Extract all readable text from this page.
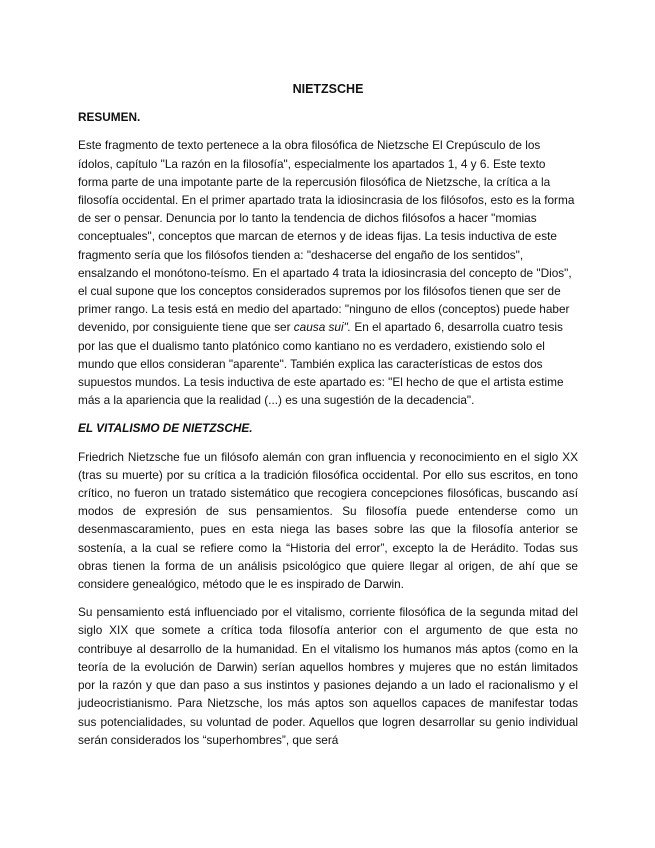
NIETZSCHE
RESUMEN.

Este fragmento de texto pertenece a la obra filosófica de Nietzsche El Crepúsculo de los ídolos, capítulo "La razón en la filosofía", especialmente los apartados 1, 4 y 6. Este texto forma parte de una impotante parte de la repercusión filosófica de Nietzsche, la crítica a la filosofía occidental. En el primer apartado trata la idiosincrasia de los filósofos, esto es la forma de ser o pensar. Denuncia por lo tanto la tendencia de dichos filósofos a hacer "momias conceptuales", conceptos que marcan de eternos y de ideas fijas. La tesis inductiva de este fragmento sería que los filósofos tienden a: "deshacerse del engaño de los sentidos", ensalzando el monótono-teísmo. En el apartado 4 trata la idiosincrasia del concepto de "Dios", el cual supone que los conceptos considerados supremos por los filósofos tienen que ser de primer rango. La tesis está en medio del apartado: "ninguno de ellos (conceptos) puede haber devenido, por consiguiente tiene que ser causa sui". En el apartado 6, desarrolla cuatro tesis por las que el dualismo tanto platónico como kantiano no es verdadero, existiendo solo el mundo que ellos consideran "aparente". También explica las características de estos dos supuestos mundos. La tesis inductiva de este apartado es: "El hecho de que el artista estime más a la apariencia que la realidad (...) es una sugestión de la decadencia".

EL VITALISMO DE NIETZSCHE.

Friedrich Nietzsche fue un filósofo alemán con gran influencia y reconocimiento en el siglo XX (tras su muerte) por su crítica a la tradición filosófica occidental. Por ello sus escritos, en tono crítico, no fueron un tratado sistemático que recogiera concepciones filosóficas, buscando así modos de expresión de sus pensamientos. Su filosofía puede entenderse como un desenmascaramiento, pues en esta niega las bases sobre las que la filosofía anterior se sostenía, a la cual se refiere como la “Historia del error”, excepto la de Herádito. Todas sus obras tienen la forma de un análisis psicológico que quiere llegar al origen, de ahí que se considere genealógico, método que le es inspirado de Darwin.

Su pensamiento está influenciado por el vitalismo, corriente filosófica de la segunda mitad del siglo XIX que somete a crítica toda filosofía anterior con el argumento de que esta no contribuye al desarrollo de la humanidad. En el vitalismo los humanos más aptos (como en la teoría de la evolución de Darwin) serían aquellos hombres y mujeres que no están limitados por la razón y que dan paso a sus instintos y pasiones dejando a un lado el racionalismo y el judeocristianismo. Para Nietzsche, los más aptos son aquellos capaces de manifestar todas sus potencialidades, su voluntad de poder. Aquellos que logren desarrollar su genio individual serán considerados los “superhombres”, que será
